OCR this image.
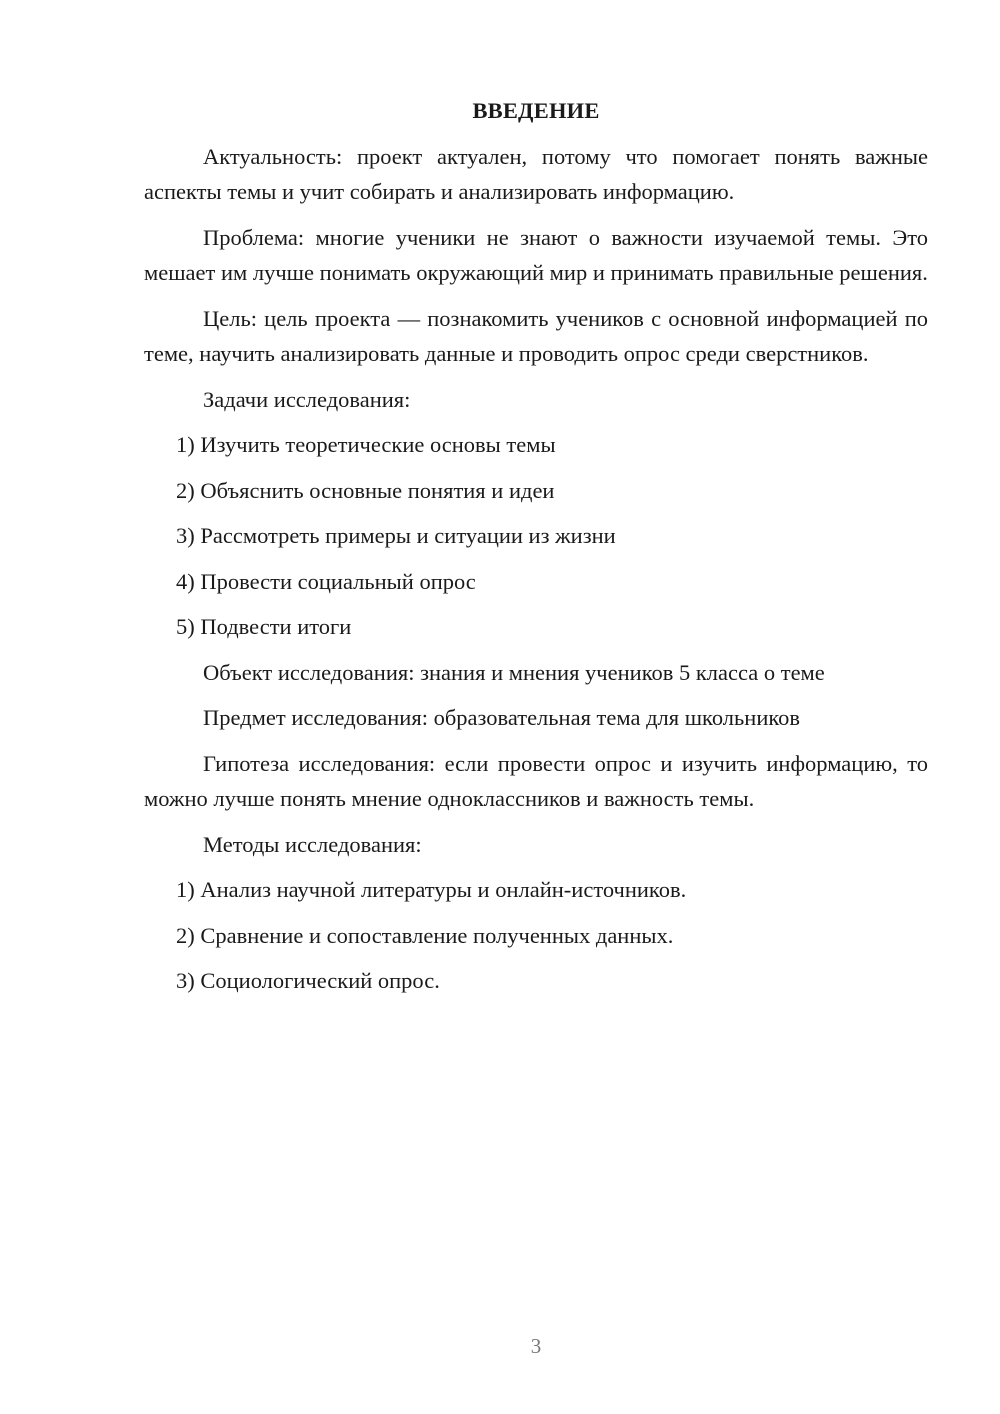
ВВЕДЕНИЕ

Актуальность: проект актуален, потому что помогает понять важные аспекты темы и учит собирать и анализировать информацию.

Проблема: многие ученики не знают о важности изучаемой темы. Это мешает им лучше понимать окружающий мир и принимать правильные решения.

Цель: цель проекта — познакомить учеников с основной информацией по теме, научить анализировать данные и проводить опрос среди сверстников.

Задачи исследования:

1) Изучить теоретические основы темы

2) Объяснить основные понятия и идеи

3) Рассмотреть примеры и ситуации из жизни

4) Провести социальный опрос

5) Подвести итоги

Объект исследования: знания и мнения учеников 5 класса о теме

Предмет исследования: образовательная тема для школьников

Гипотеза исследования: если провести опрос и изучить информацию, то можно лучше понять мнение одноклассников и важность темы.

Методы исследования:

1) Анализ научной литературы и онлайн-источников.

2) Сравнение и сопоставление полученных данных.

3) Социологический опрос.

3
